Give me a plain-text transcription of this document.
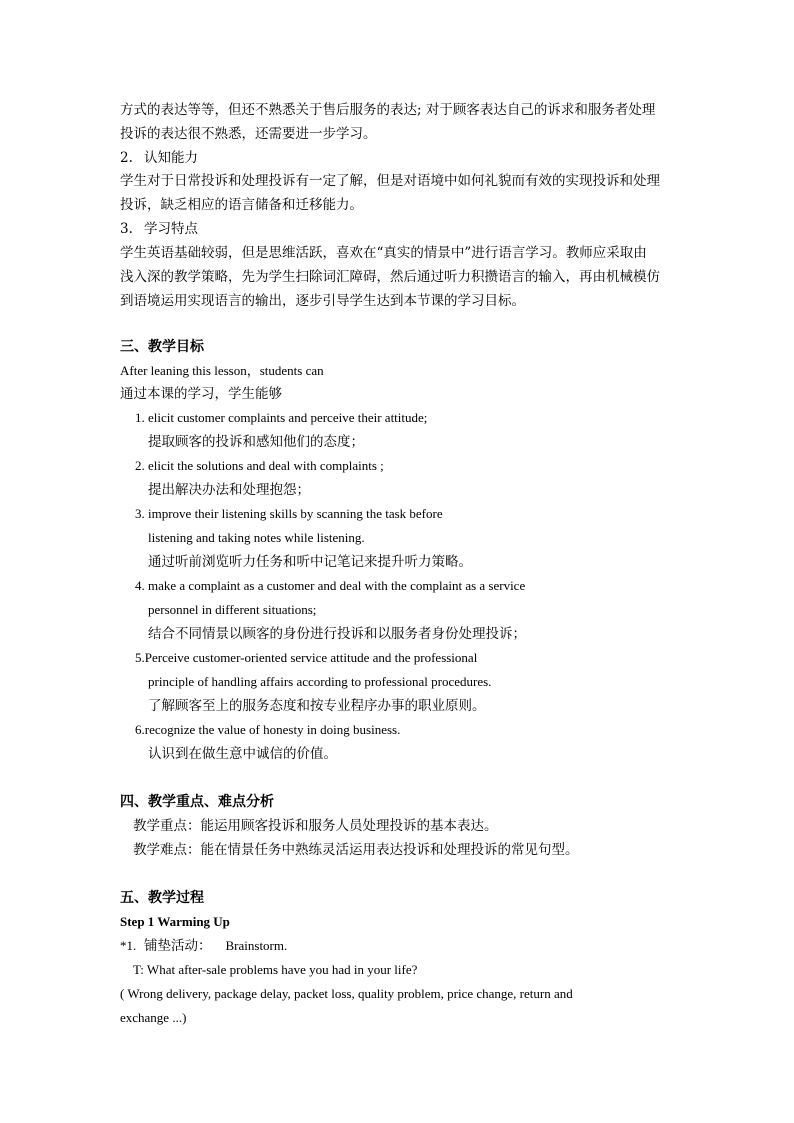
方式的表达等等，但还不熟悉关于售后服务的表达; 对于顾客表达自己的诉求和服务者处理
投诉的表达很不熟悉，还需要进一步学习。
2. 认知能力
学生对于日常投诉和处理投诉有一定了解，但是对语境中如何礼貌而有效的实现投诉和处理
投诉，缺乏相应的语言储备和迁移能力。
3. 学习特点
学生英语基础较弱，但是思维活跃，喜欢在“真实的情景中”进行语言学习。教师应采取由
浅入深的教学策略，先为学生扫除词汇障碍，然后通过听力积攒语言的输入，再由机械模仿
到语境运用实现语言的输出，逐步引导学生达到本节课的学习目标。
三、教学目标
After leaning this lesson，students can
通过本课的学习，学生能够
1. elicit customer complaints and perceive their attitude;
提取顾客的投诉和感知他们的态度；
2. elicit the solutions and deal with complaints ;
提出解决办法和处理抱怨；
3. improve their listening skills by scanning the task before
listening and taking notes while listening.
通过听前浏览听力任务和听中记笔记来提升听力策略。
4. make a complaint as a customer and deal with the complaint as a service
personnel in different situations;
结合不同情景以顾客的身份进行投诉和以服务者身份处理投诉；
5.Perceive customer-oriented service attitude and the professional
principle of handling affairs according to professional procedures.
了解顾客至上的服务态度和按专业程序办事的职业原则。
6.recognize the value of honesty in doing business.
认识到在做生意中诚信的价值。
四、教学重点、难点分析
教学重点：能运用顾客投诉和服务人员处理投诉的基本表达。
教学难点：能在情景任务中熟练灵活运用表达投诉和处理投诉的常见句型。
五、教学过程
Step 1 Warming Up
*1. 铺垫活动： Brainstorm.
T: What after-sale problems have you had in your life?
( Wrong delivery, package delay, packet loss, quality problem, price change, return and
exchange ...)
